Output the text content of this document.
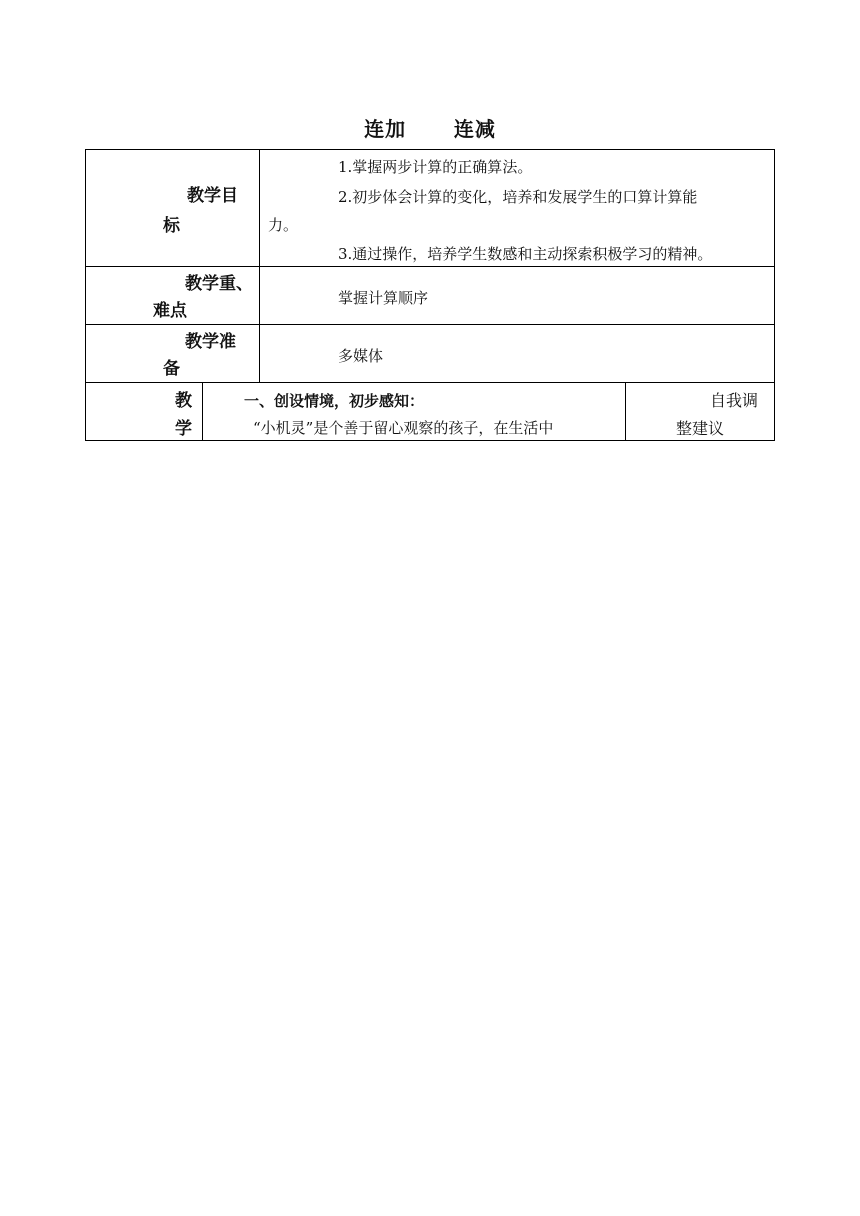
连加      连减
教学目
标
1.掌握两步计算的正确算法。
2.初步体会计算的变化，培养和发展学生的口算计算能
力。
3.通过操作，培养学生数感和主动探索积极学习的精神。
教学重、
难点
掌握计算顺序
教学准
备
多媒体
教
学
一、创设情境，初步感知：
“小机灵”是个善于留心观察的孩子，在生活中
自我调
整建议
